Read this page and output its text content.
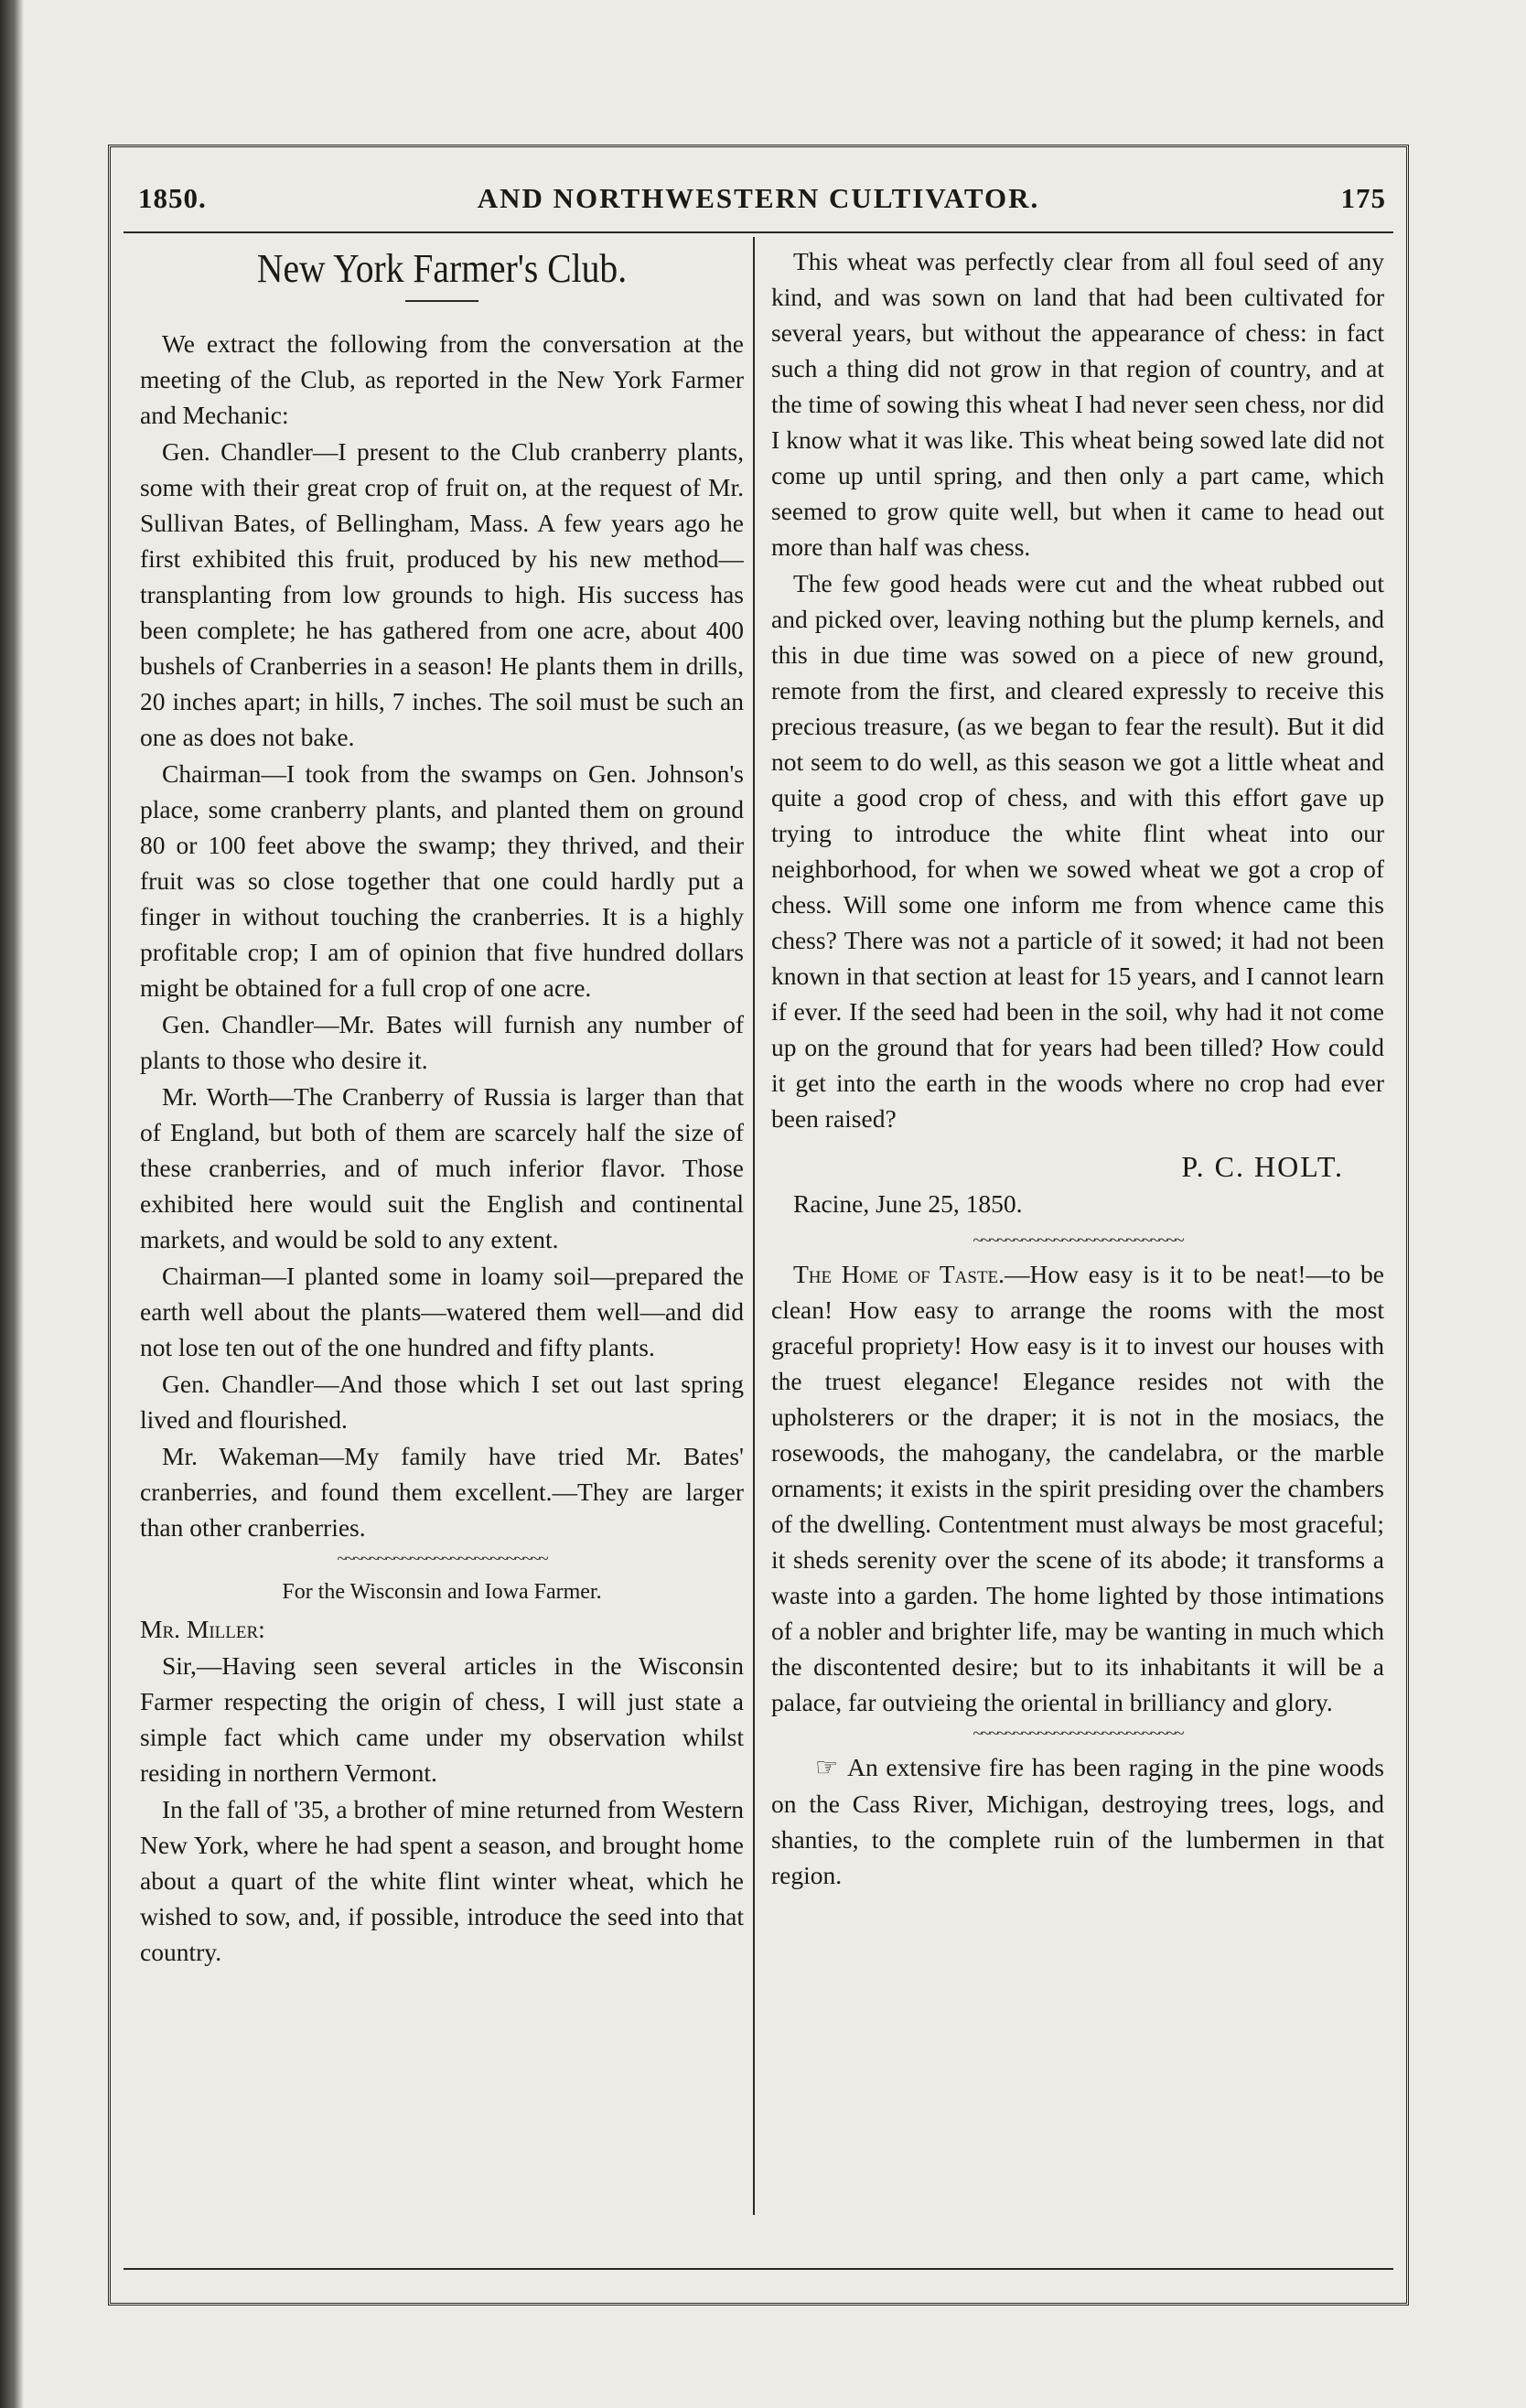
1850.	AND NORTHWESTERN CULTIVATOR.	175
New York Farmer's Club.

We extract the following from the conversation at the meeting of the Club, as reported in the New York Farmer and Mechanic:

Gen. Chandler—I present to the Club cranberry plants, some with their great crop of fruit on, at the request of Mr. Sullivan Bates, of Bellingham, Mass. A few years ago he first exhibited this fruit, produced by his new method—transplanting from low grounds to high. His success has been complete; he has gathered from one acre, about 400 bushels of Cranberries in a season! He plants them in drills, 20 inches apart; in hills, 7 inches. The soil must be such an one as does not bake.

Chairman—I took from the swamps on Gen. Johnson's place, some cranberry plants, and planted them on ground 80 or 100 feet above the swamp; they thrived, and their fruit was so close together that one could hardly put a finger in without touching the cranberries. It is a highly profitable crop; I am of opinion that five hundred dollars might be obtained for a full crop of one acre.

Gen. Chandler—Mr. Bates will furnish any number of plants to those who desire it.

Mr. Worth—The Cranberry of Russia is larger than that of England, but both of them are scarcely half the size of these cranberries, and of much inferior flavor. Those exhibited here would suit the English and continental markets, and would be sold to any extent.

Chairman—I planted some in loamy soil—prepared the earth well about the plants—watered them well—and did not lose ten out of the one hundred and fifty plants.

Gen. Chandler—And those which I set out last spring lived and flourished.

Mr. Wakeman—My family have tried Mr. Bates' cranberries, and found them excellent.—They are larger than other cranberries.

~~~~~~~~~~~~~~~~~~~~~~~~~~

For the Wisconsin and Iowa Farmer.

Mr. Miller:

Sir,—Having seen several articles in the Wisconsin Farmer respecting the origin of chess, I will just state a simple fact which came under my observation whilst residing in northern Vermont.

In the fall of '35, a brother of mine returned from Western New York, where he had spent a season, and brought home about a quart of the white flint winter wheat, which he wished to sow, and, if possible, introduce the seed into that country.

This wheat was perfectly clear from all foul seed of any kind, and was sown on land that had been cultivated for several years, but without the appearance of chess: in fact such a thing did not grow in that region of country, and at the time of sowing this wheat I had never seen chess, nor did I know what it was like. This wheat being sowed late did not come up until spring, and then only a part came, which seemed to grow quite well, but when it came to head out more than half was chess.

The few good heads were cut and the wheat rubbed out and picked over, leaving nothing but the plump kernels, and this in due time was sowed on a piece of new ground, remote from the first, and cleared expressly to receive this precious treasure, (as we began to fear the result). But it did not seem to do well, as this season we got a little wheat and quite a good crop of chess, and with this effort gave up trying to introduce the white flint wheat into our neighborhood, for when we sowed wheat we got a crop of chess. Will some one inform me from whence came this chess? There was not a particle of it sowed; it had not been known in that section at least for 15 years, and I cannot learn if ever. If the seed had been in the soil, why had it not come up on the ground that for years had been tilled? How could it get into the earth in the woods where no crop had ever been raised?

P. C. HOLT.

Racine, June 25, 1850.

~~~~~~~~~~~~~~~~~~~~~~~~~~

The Home of Taste.—How easy is it to be neat!—to be clean! How easy to arrange the rooms with the most graceful propriety! How easy is it to invest our houses with the truest elegance! Elegance resides not with the upholsterers or the draper; it is not in the mosiacs, the rosewoods, the mahogany, the candelabra, or the marble ornaments; it exists in the spirit presiding over the chambers of the dwelling. Contentment must always be most graceful; it sheds serenity over the scene of its abode; it transforms a waste into a garden. The home lighted by those intimations of a nobler and brighter life, may be wanting in much which the discontented desire; but to its inhabitants it will be a palace, far outvieing the oriental in brilliancy and glory.

~~~~~~~~~~~~~~~~~~~~~~~~~~

☞ An extensive fire has been raging in the pine woods on the Cass River, Michigan, destroying trees, logs, and shanties, to the complete ruin of the lumbermen in that region.
